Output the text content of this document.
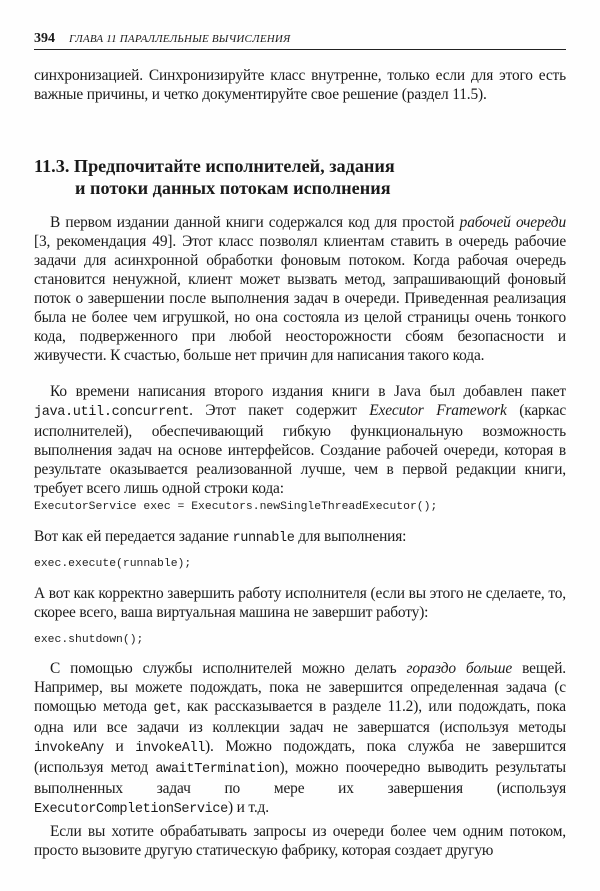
394 ГЛАВА 11 ПАРАЛЛЕЛЬНЫЕ ВЫЧИСЛЕНИЯ

синхронизацией. Синхронизируйте класс внутренне, только если для этого есть важные причины, и четко документируйте свое решение (раздел 11.5).

11.3. Предпочитайте исполнителей, задания
и потоки данных потокам исполнения

В первом издании данной книги содержался код для простой рабочей очереди [3, рекомендация 49]. Этот класс позволял клиентам ставить в очередь рабочие задачи для асинхронной обработки фоновым потоком. Когда рабочая очередь становится ненужной, клиент может вызвать метод, запрашивающий фоновый поток о завершении после выполнения задач в очереди. Приведенная реализация была не более чем игрушкой, но она состояла из целой страницы очень тонкого кода, подверженного при любой неосторожности сбоям безопасности и живучести. К счастью, больше нет причин для написания такого кода.

Ко времени написания второго издания книги в Java был добавлен пакет java.util.concurrent. Этот пакет содержит Executor Framework (каркас исполнителей), обеспечивающий гибкую функциональную возможность выполнения задач на основе интерфейсов. Создание рабочей очереди, которая в результате оказывается реализованной лучше, чем в первой редакции книги, требует всего лишь одной строки кода:

ExecutorService exec = Executors.newSingleThreadExecutor();

Вот как ей передается задание runnable для выполнения:

exec.execute(runnable);

А вот как корректно завершить работу исполнителя (если вы этого не сделаете, то, скорее всего, ваша виртуальная машина не завершит работу):

exec.shutdown();

С помощью службы исполнителей можно делать гораздо больше вещей. Например, вы можете подождать, пока не завершится определенная задача (с помощью метода get, как рассказывается в разделе 11.2), или подождать, пока одна или все задачи из коллекции задач не завершатся (используя методы invokeAny и invokeAll). Можно подождать, пока служба не завершится (используя метод awaitTermination), можно поочередно выводить результаты выполненных задач по мере их завершения (используя ExecutorCompletionService) и т.д.

Если вы хотите обрабатывать запросы из очереди более чем одним потоком, просто вызовите другую статическую фабрику, которая создает другую
